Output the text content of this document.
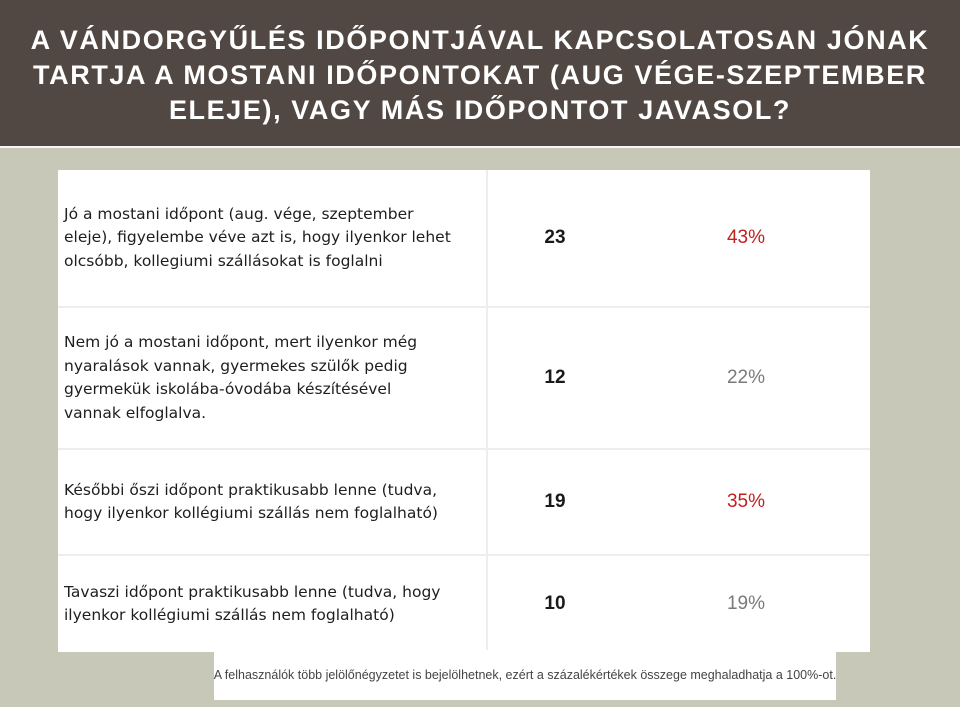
A VÁNDORGYŰLÉS IDŐPONTJÁVAL KAPCSOLATOSAN JÓNAK
TARTJA A MOSTANI IDŐPONTOKAT (AUG VÉGE-SZEPTEMBER
ELEJE), VAGY MÁS IDŐPONTOT JAVASOL?
Jó a mostani időpont (aug. vége, szeptember
eleje), figyelembe véve azt is, hogy ilyenkor lehet
olcsóbb, kollegiumi szállásokat is foglalni	23	43%
Nem jó a mostani időpont, mert ilyenkor még
nyaralások vannak, gyermekes szülők pedig
gyermekük iskolába-óvodába készítésével
vannak elfoglalva.	12	22%
Későbbi őszi időpont praktikusabb lenne (tudva,
hogy ilyenkor kollégiumi szállás nem foglalható)	19	35%
Tavaszi időpont praktikusabb lenne (tudva, hogy
ilyenkor kollégiumi szállás nem foglalható)	10	19%
A felhasználók több jelölőnégyzetet is bejelölhetnek, ezért a százalékértékek összege meghaladhatja a 100%-ot.
